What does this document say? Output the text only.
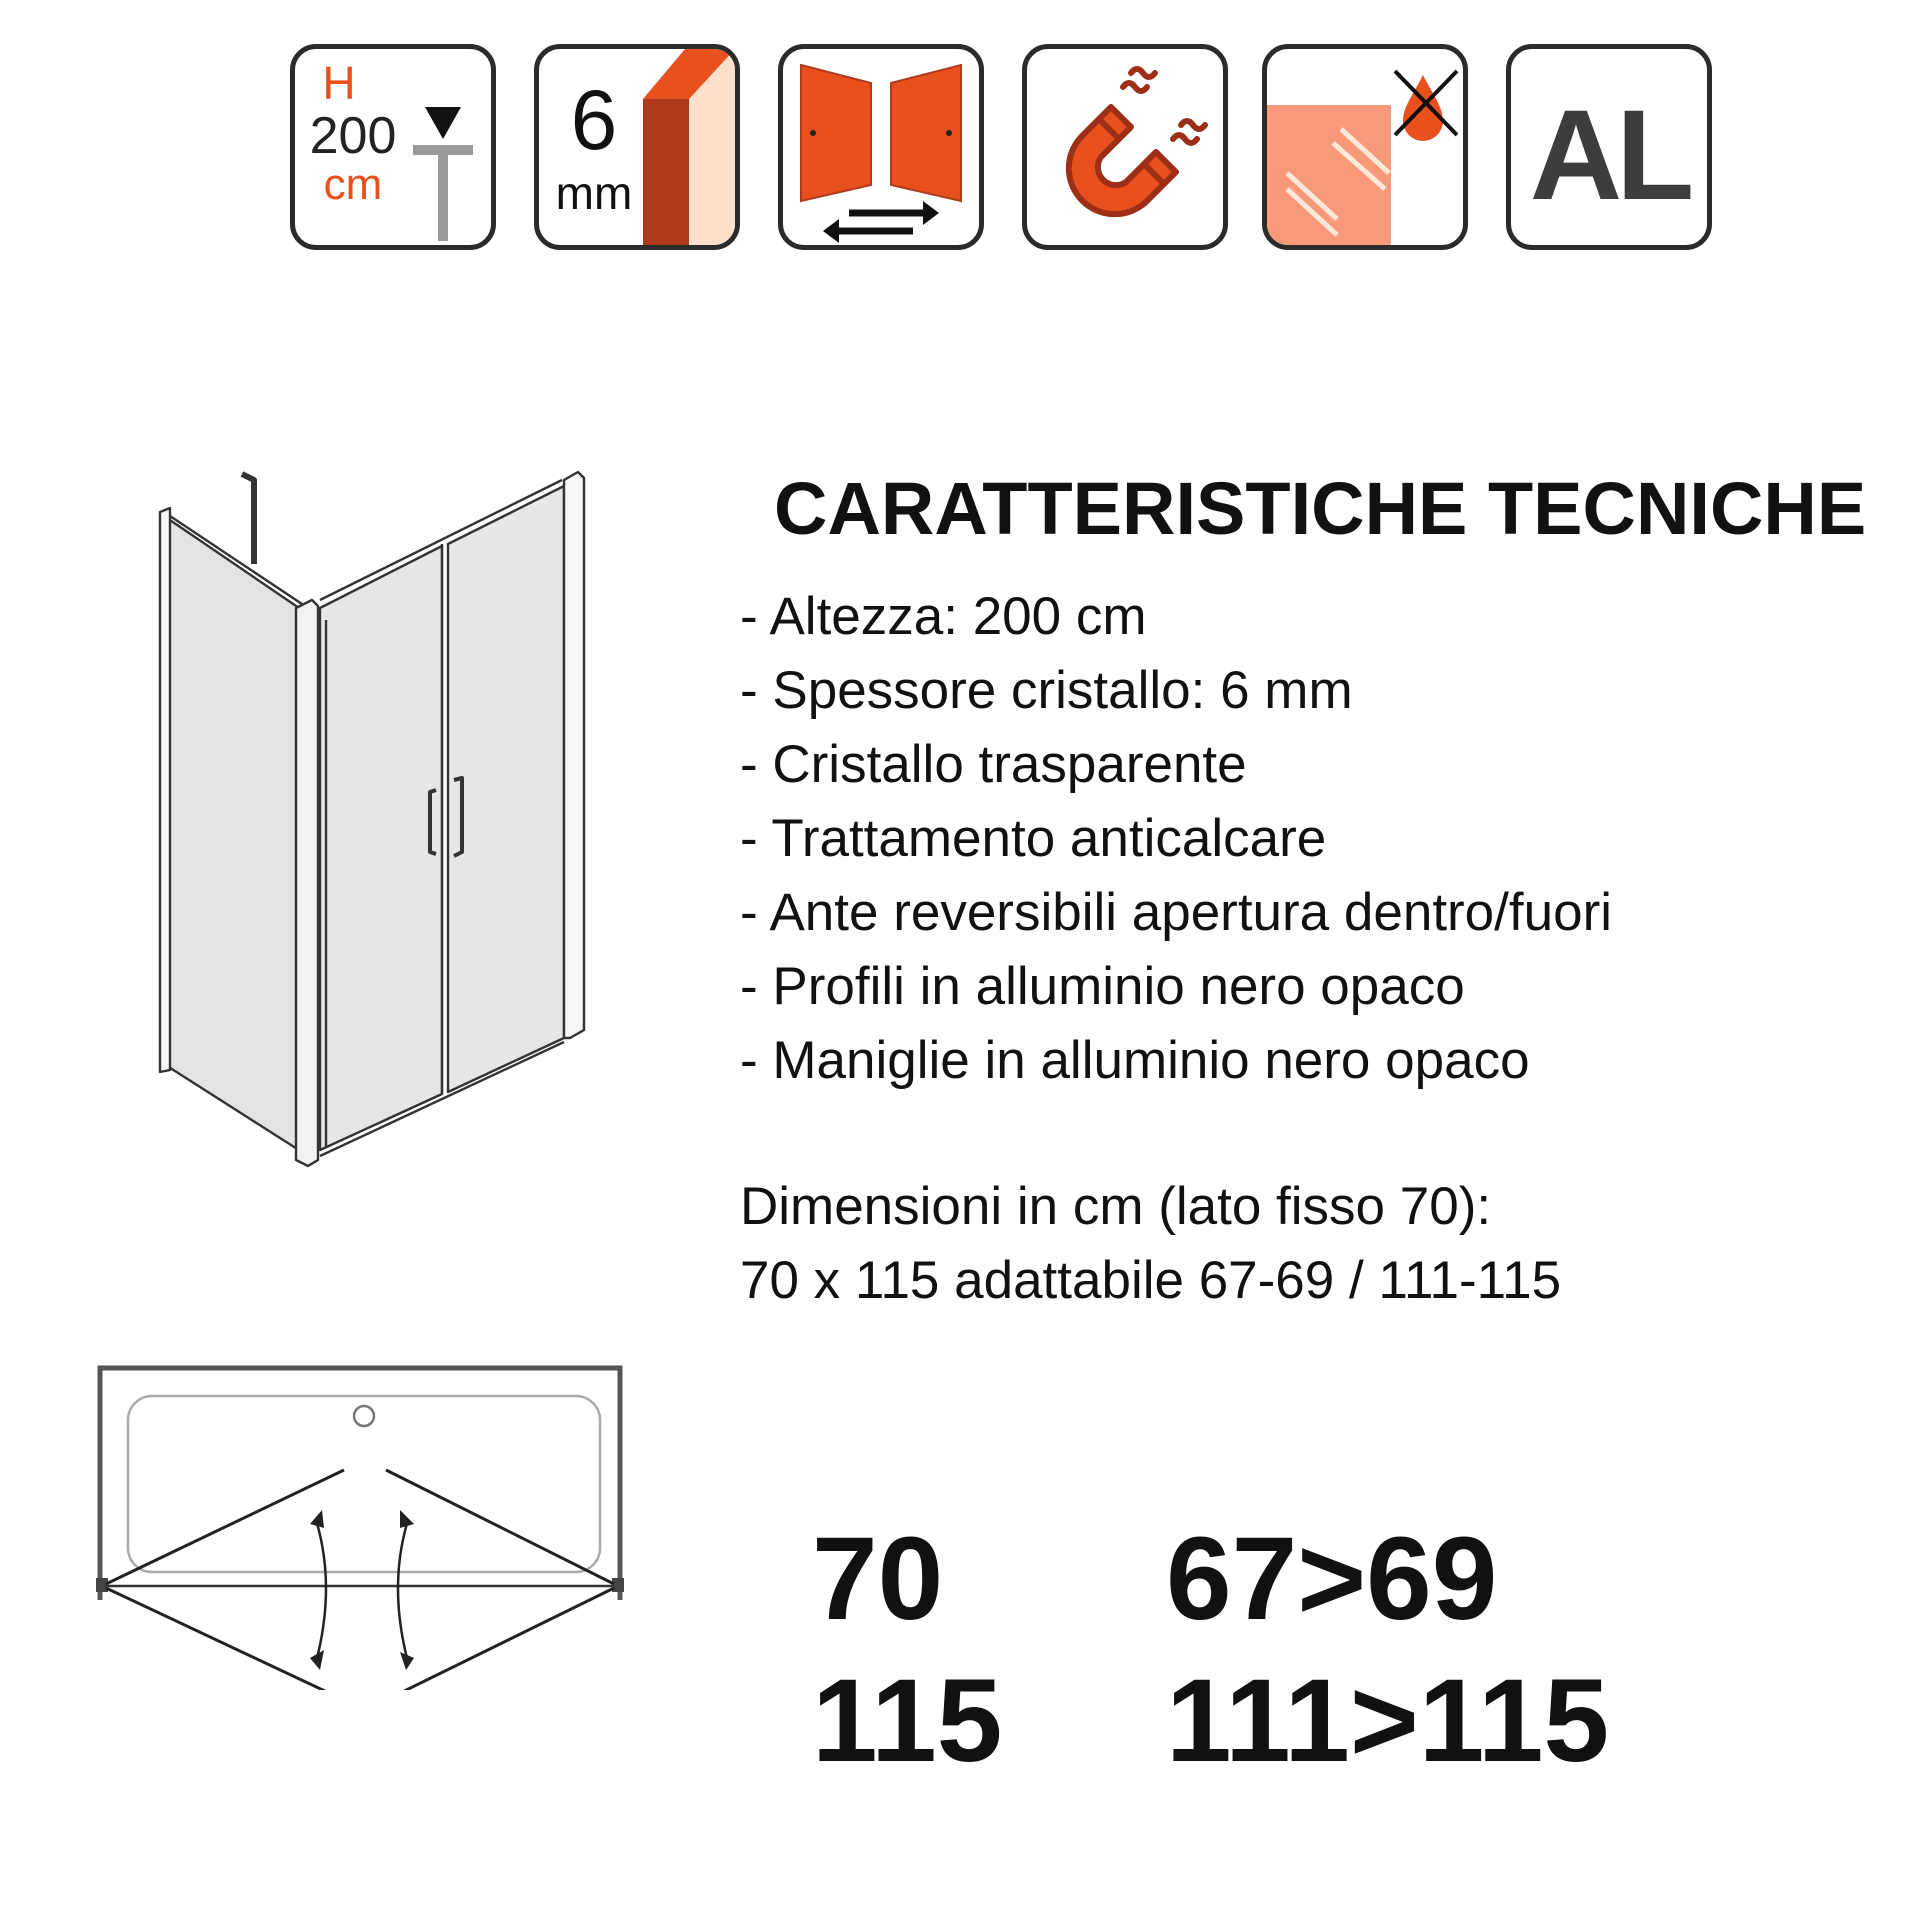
H
200
cm
6
mm	AL
CARATTERISTICHE TECNICHE
- Altezza: 200 cm
- Spessore cristallo: 6 mm
- Cristallo trasparente
- Trattamento anticalcare
- Ante reversibili apertura dentro/fuori
- Profili in alluminio nero opaco
- Maniglie in alluminio nero opaco
Dimensioni in cm (lato fisso 70):
70 x 115 adattabile 67-69 / 111-115
70 67>69
115 111>115
